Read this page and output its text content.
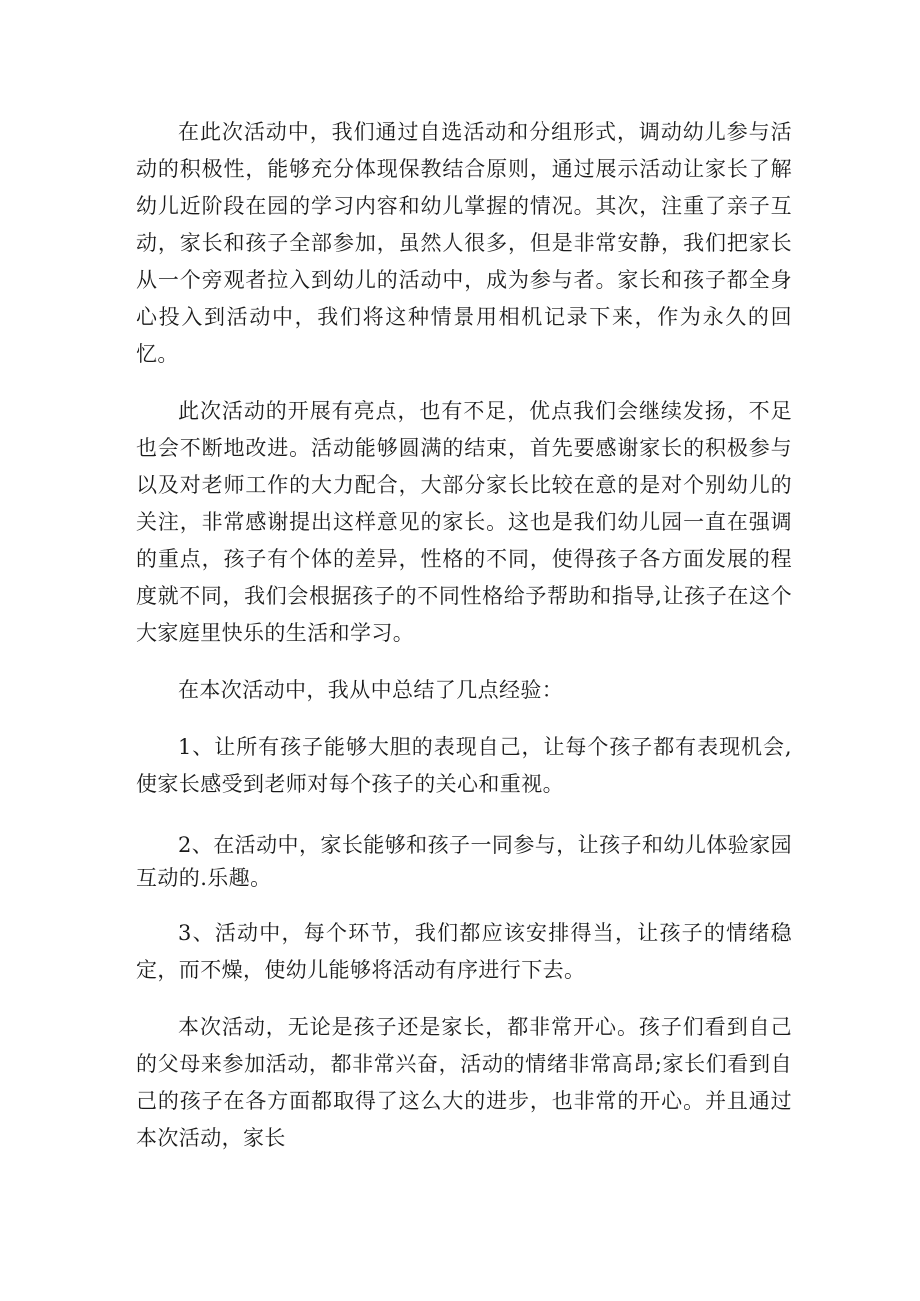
在此次活动中，我们通过自选活动和分组形式，调动幼儿参与活动的积极性，能够充分体现保教结合原则，通过展示活动让家长了解幼儿近阶段在园的学习内容和幼儿掌握的情况。其次，注重了亲子互动，家长和孩子全部参加，虽然人很多，但是非常安静，我们把家长从一个旁观者拉入到幼儿的活动中，成为参与者。家长和孩子都全身心投入到活动中，我们将这种情景用相机记录下来，作为永久的回忆。

此次活动的开展有亮点，也有不足，优点我们会继续发扬，不足也会不断地改进。活动能够圆满的结束，首先要感谢家长的积极参与以及对老师工作的大力配合，大部分家长比较在意的是对个别幼儿的关注，非常感谢提出这样意见的家长。这也是我们幼儿园一直在强调的重点，孩子有个体的差异，性格的不同，使得孩子各方面发展的程度就不同，我们会根据孩子的不同性格给予帮助和指导,让孩子在这个大家庭里快乐的生活和学习。

在本次活动中，我从中总结了几点经验：

1、让所有孩子能够大胆的表现自己，让每个孩子都有表现机会,使家长感受到老师对每个孩子的关心和重视。

2、在活动中，家长能够和孩子一同参与，让孩子和幼儿体验家园互动的.乐趣。

3、活动中，每个环节，我们都应该安排得当，让孩子的情绪稳定，而不燥，使幼儿能够将活动有序进行下去。

本次活动，无论是孩子还是家长，都非常开心。孩子们看到自己的父母来参加活动，都非常兴奋，活动的情绪非常高昂;家长们看到自己的孩子在各方面都取得了这么大的进步，也非常的开心。并且通过本次活动，家长
